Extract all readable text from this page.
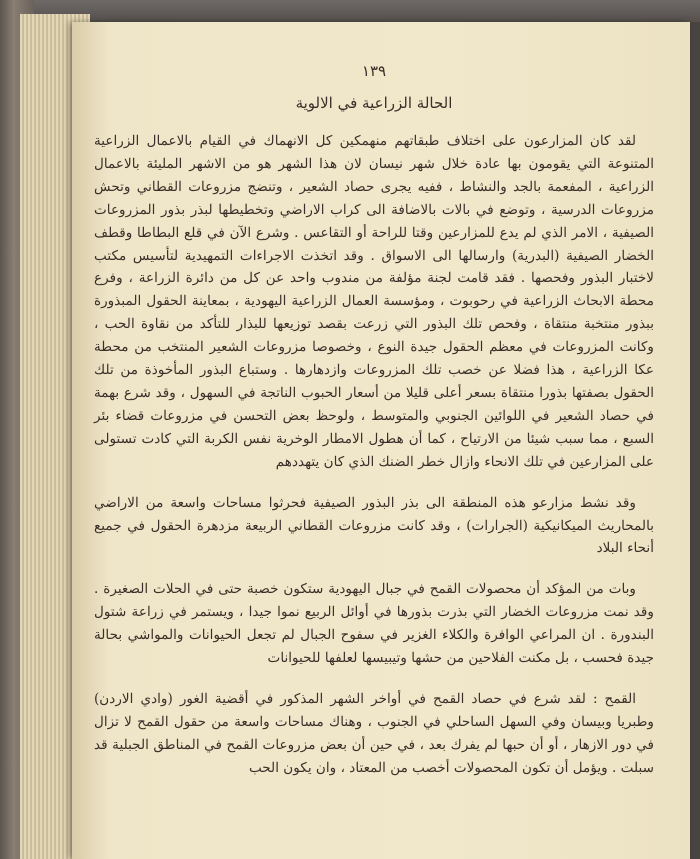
١٣٩
الحالة الزراعية في الالوية

لقد كان المزارعون على اختلاف طبقاتهم منهمكين كل الانهماك في القيام بالاعمال الزراعية المتنوعة التي يقومون بها عادة خلال شهر نيسان لان هذا الشهر هو من الاشهر المليئة بالاعمال الزراعية ، المفعمة بالجد والنشاط ، ففيه يجرى حصاد الشعير ، وتنضج مزروعات القطاني وتحش مزروعات الدرسية ، وتوضع في بالات بالاضافة الى كراب الاراضي وتخطيطها لبذر بذور المزروعات الصيفية ، الامر الذي لم يدع للمزارعين وقتا للراحة أو التقاعس . وشرع الآن في قلع البطاطا وقطف الخضار الصيفية (البدرية) وارسالها الى الاسواق . وقد اتخذت الاجراءات التمهيدية لتأسيس مكتب لاختبار البذور وفحصها . فقد قامت لجنة مؤلفة من مندوب واحد عن كل من دائرة الزراعة ، وفرع محطة الابحاث الزراعية في رحوبوت ، ومؤسسة العمال الزراعية اليهودية ، بمعاينة الحقول المبذورة ببذور منتخبة منتقاة ، وفحص تلك البذور التي زرعت بقصد توزيعها للبذار للتأكد من نقاوة الحب ، وكانت المزروعات في معظم الحقول جيدة النوع ، وخصوصا مزروعات الشعير المنتخب من محطة عكا الزراعية ، هذا فضلا عن خصب تلك المزروعات وازدهارها . وستباع البذور المأخوذة من تلك الحقول بصفتها بذورا منتقاة بسعر أعلى قليلا من أسعار الحبوب الناتجة في السهول ، وقد شرع بهمة في حصاد الشعير في اللوائين الجنوبي والمتوسط ، ولوحظ بعض التحسن في مزروعات قضاء بئر السبع ، مما سبب شيئا من الارتياح ، كما أن هطول الامطار الوخرية نفس الكربة التي كادت تستولى على المزارعين في تلك الانحاء وازال خطر الضنك الذي كان يتهددهم

وقد نشط مزارعو هذه المنطقة الى بذر البذور الصيفية فحرثوا مساحات واسعة من الاراضي بالمحاريث الميكانيكية (الجرارات) ، وقد كانت مزروعات القطاني الربيعة مزدهرة الحقول في جميع أنحاء البلاد

وبات من المؤكد أن محصولات القمح في جبال اليهودية ستكون خصبة حتى في الحلات الصغيرة . وقد نمت مزروعات الخضار التي بذرت بذورها في أوائل الربيع نموا جيدا ، ويستمر في زراعة شتول البندورة . ان المراعي الوافرة والكلاء الغزير في سفوح الجبال لم تجعل الحيوانات والمواشي بحالة جيدة فحسب ، بل مكنت الفلاحين من حشها وتيبيسها لعلفها للحيوانات

القمح : لقد شرع في حصاد القمح في أواخر الشهر المذكور في أقضية الغور (وادي الاردن) وطبريا وبيسان وفي السهل الساحلي في الجنوب ، وهناك مساحات واسعة من حقول القمح لا تزال في دور الازهار ، أو أن حبها لم يفرك بعد ، في حين أن بعض مزروعات القمح في المناطق الجبلية قد سبلت . ويؤمل أن تكون المحصولات أخصب من المعتاد ، وان يكون الحب
